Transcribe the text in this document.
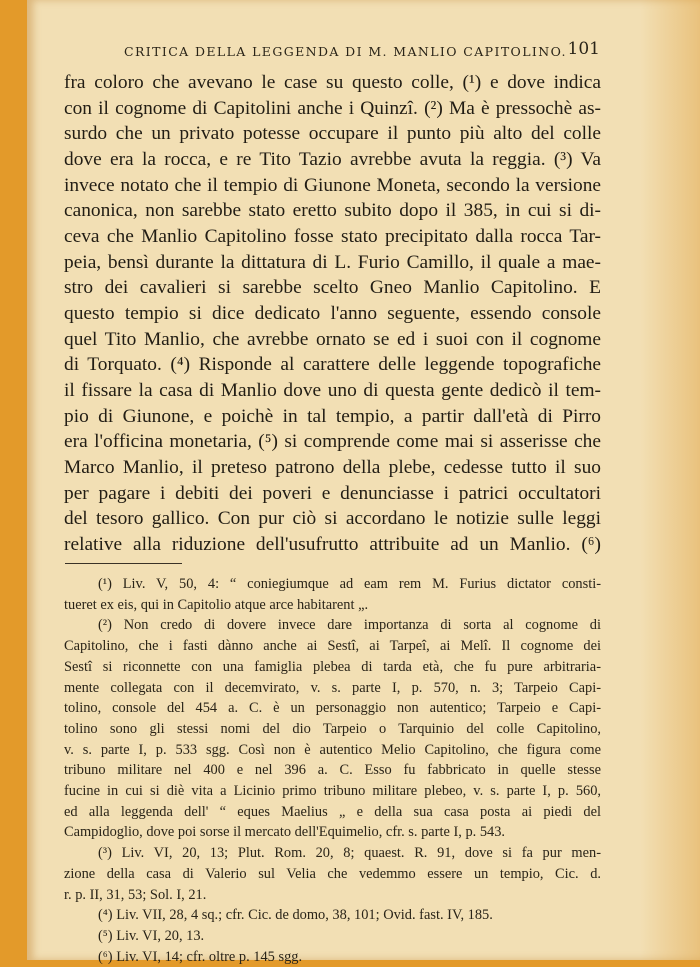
CRITICA DELLA LEGGENDA DI M. MANLIO CAPITOLINO. 101
fra coloro che avevano le case su questo colle, (¹) e dove indica
con il cognome di Capitolini anche i Quinzî. (²) Ma è pressochè as-
surdo che un privato potesse occupare il punto più alto del colle
dove era la rocca, e re Tito Tazio avrebbe avuta la reggia. (³) Va
invece notato che il tempio di Giunone Moneta, secondo la versione
canonica, non sarebbe stato eretto subito dopo il 385, in cui si di-
ceva che Manlio Capitolino fosse stato precipitato dalla rocca Tar-
peia, bensì durante la dittatura di L. Furio Camillo, il quale a mae-
stro dei cavalieri si sarebbe scelto Gneo Manlio Capitolino. E
questo tempio si dice dedicato l'anno seguente, essendo console
quel Tito Manlio, che avrebbe ornato se ed i suoi con il cognome
di Torquato. (⁴) Risponde al carattere delle leggende topografiche
il fissare la casa di Manlio dove uno di questa gente dedicò il tem-
pio di Giunone, e poichè in tal tempio, a partir dall'età di Pirro
era l'officina monetaria, (⁵) si comprende come mai si asserisse che
Marco Manlio, il preteso patrono della plebe, cedesse tutto il suo
per pagare i debiti dei poveri e denunciasse i patrici occultatori
del tesoro gallico. Con pur ciò si accordano le notizie sulle leggi
relative alla riduzione dell'usufrutto attribuite ad un Manlio. (⁶)
(¹) Liv. V, 50, 4: “ coniegiumque ad eam rem M. Furius dictator consti-
tueret ex eis, qui in Capitolio atque arce habitarent „.
(²) Non credo di dovere invece dare importanza di sorta al cognome di
Capitolino, che i fasti dànno anche ai Sestî, ai Tarpeî, ai Melî. Il cognome dei
Sestî si riconnette con una famiglia plebea di tarda età, che fu pure arbitraria-
mente collegata con il decemvirato, v. s. parte I, p. 570, n. 3; Tarpeio Capi-
tolino, console del 454 a. C. è un personaggio non autentico; Tarpeio e Capi-
tolino sono gli stessi nomi del dio Tarpeio o Tarquinio del colle Capitolino,
v. s. parte I, p. 533 sgg. Così non è autentico Melio Capitolino, che figura come
tribuno militare nel 400 e nel 396 a. C. Esso fu fabbricato in quelle stesse
fucine in cui si diè vita a Licinio primo tribuno militare plebeo, v. s. parte I, p. 560,
ed alla leggenda dell' “ eques Maelius „ e della sua casa posta ai piedi del
Campidoglio, dove poi sorse il mercato dell'Equimelio, cfr. s. parte I, p. 543.
(³) Liv. VI, 20, 13; Plut. Rom. 20, 8; quaest. R. 91, dove si fa pur men-
zione della casa di Valerio sul Velia che vedemmo essere un tempio, Cic. d.
r. p. II, 31, 53; Sol. I, 21.
(⁴) Liv. VII, 28, 4 sq.; cfr. Cic. de domo, 38, 101; Ovid. fast. IV, 185.
(⁵) Liv. VI, 20, 13.
(⁶) Liv. VI, 14; cfr. oltre p. 145 sgg.
